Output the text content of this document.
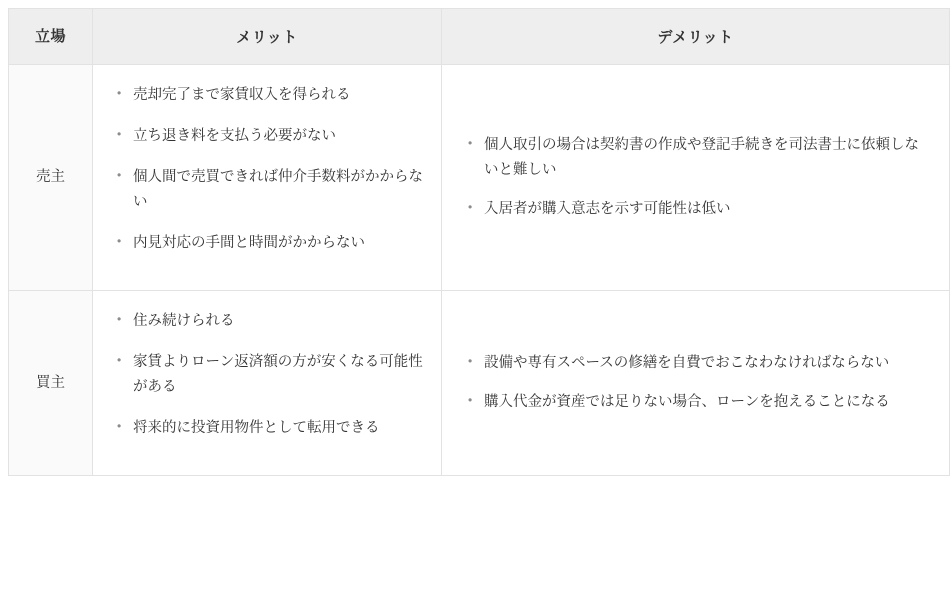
立場	メリット	デメリット
売主	
• 売却完了まで家賃収入を得られる
• 立ち退き料を支払う必要がない
• 個人間で売買できれば仲介手数料がかからない
• 内見対応の手間と時間がかからない

• 個人取引の場合は契約書の作成や登記手続きを司法書士に依頼しないと難しい
• 入居者が購入意志を示す可能性は低い

買主	
• 住み続けられる
• 家賃よりローン返済額の方が安くなる可能性がある
• 将来的に投資用物件として転用できる

• 設備や専有スペースの修繕を自費でおこなわなければならない
• 購入代金が資産では足りない場合、ローンを抱えることになる
